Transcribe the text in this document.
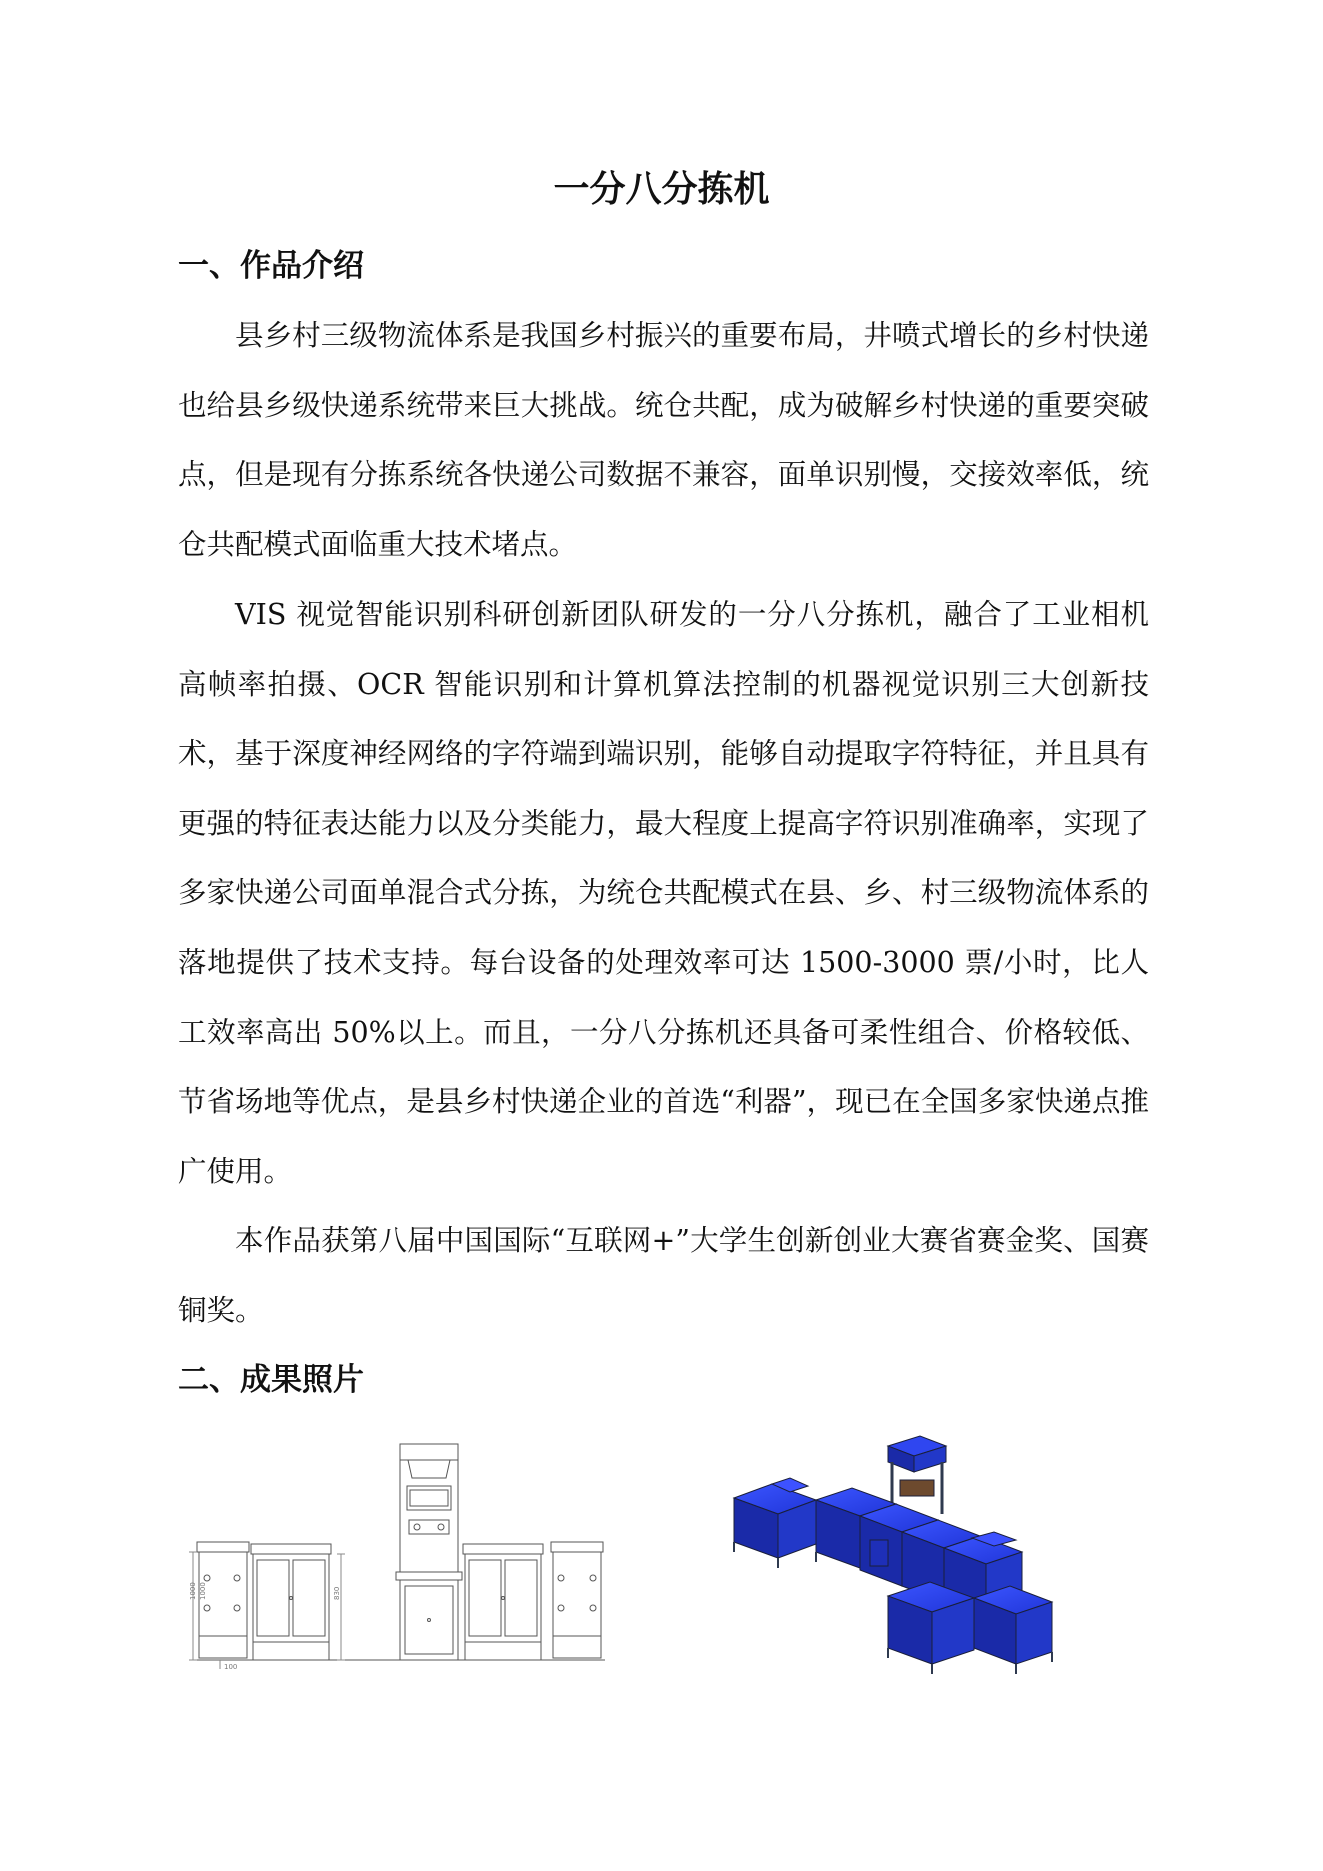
一分八分拣机
一、作品介绍

县乡村三级物流体系是我国乡村振兴的重要布局，井喷式增长的乡村快递也给县乡级快递系统带来巨大挑战。统仓共配，成为破解乡村快递的重要突破点，但是现有分拣系统各快递公司数据不兼容，面单识别慢，交接效率低，统仓共配模式面临重大技术堵点。

VIS 视觉智能识别科研创新团队研发的一分八分拣机，融合了工业相机高帧率拍摄、OCR 智能识别和计算机算法控制的机器视觉识别三大创新技术，基于深度神经网络的字符端到端识别，能够自动提取字符特征，并且具有更强的特征表达能力以及分类能力，最大程度上提高字符识别准确率，实现了多家快递公司面单混合式分拣，为统仓共配模式在县、乡、村三级物流体系的落地提供了技术支持。每台设备的处理效率可达 1500-3000 票/小时，比人工效率高出 50%以上。而且，一分八分拣机还具备可柔性组合、价格较低、节省场地等优点，是县乡村快递企业的首选“利器”，现已在全国多家快递点推广使用。

本作品获第八届中国国际“互联网+”大学生创新创业大赛省赛金奖、国赛铜奖。

二、成果照片
1000	830
1000
100
